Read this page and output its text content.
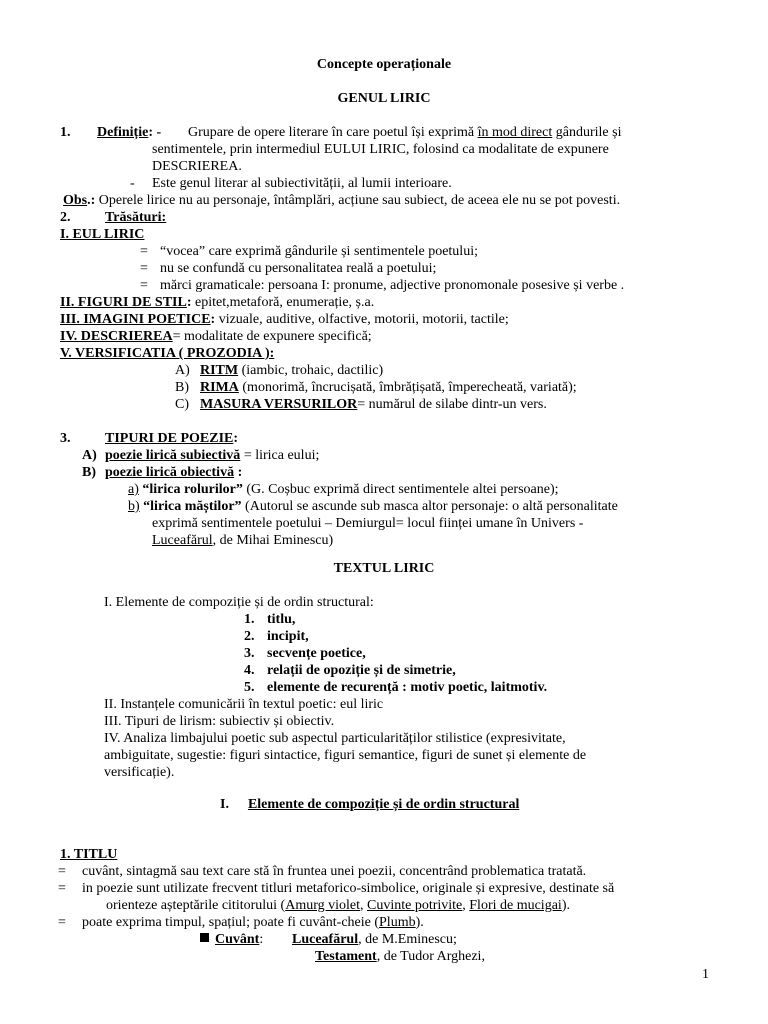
Concepte operaționale
GENUL LIRIC
1. Definiție: - Grupare de opere literare în care poetul își exprimă în mod direct gândurile și
sentimentele, prin intermediul EULUI LIRIC, folosind ca modalitate de expunere
DESCRIEREA.
- Este genul literar al subiectivității, al lumii interioare.
Obs.: Operele lirice nu au personaje, întâmplări, acțiune sau subiect, de aceea ele nu se pot povesti.
2. Trăsături:
I. EUL LIRIC
= “vocea” care exprimă gândurile și sentimentele poetului;
= nu se confundă cu personalitatea reală a poetului;
= mărci gramaticale: persoana I: pronume, adjective pronomonale posesive și verbe .
II. FIGURI DE STIL: epitet,metaforă, enumerație, ș.a.
III. IMAGINI POETICE: vizuale, auditive, olfactive, motorii, motorii, tactile;
IV. DESCRIEREA= modalitate de expunere specifică;
V. VERSIFICATIA ( PROZODIA ):
A) RITM (iambic, trohaic, dactilic)
B) RIMA (monorimă, încrucișată, îmbrățișată, împerecheată, variată);
C) MASURA VERSURILOR= numărul de silabe dintr-un vers.
3. TIPURI DE POEZIE:
A) poezie lirică subiectivă = lirica eului;
B) poezie lirică obiectivă :
a) “lirica rolurilor” (G. Coșbuc exprimă direct sentimentele altei persoane);
b) “lirica măștilor” (Autorul se ascunde sub masca altor personaje: o altă personalitate
exprimă sentimentele poetului – Demiurgul= locul ființei umane în Univers -
Luceafărul, de Mihai Eminescu)
TEXTUL LIRIC
I. Elemente de compoziție și de ordin structural:
1. titlu,
2. incipit,
3. secvențe poetice,
4. relații de opoziție și de simetrie,
5. elemente de recurență : motiv poetic, laitmotiv.
II. Instanțele comunicării în textul poetic: eul liric
III. Tipuri de lirism: subiectiv și obiectiv.
IV. Analiza limbajului poetic sub aspectul particularităților stilistice (expresivitate,
ambiguitate, sugestie: figuri sintactice, figuri semantice, figuri de sunet și elemente de
versificație).
I. Elemente de compoziție și de ordin structural
1. TITLU
= cuvânt, sintagmă sau text care stă în fruntea unei poezii, concentrând problematica tratată.
= in poezie sunt utilizate frecvent titluri metaforico-simbolice, originale și expresive, destinate să
orienteze așteptările cititorului (Amurg violet, Cuvinte potrivite, Flori de mucigai).
= poate exprima timpul, spațiul; poate fi cuvânt-cheie (Plumb).
Cuvânt: Luceafărul, de M.Eminescu;
Testament, de Tudor Arghezi,
1
